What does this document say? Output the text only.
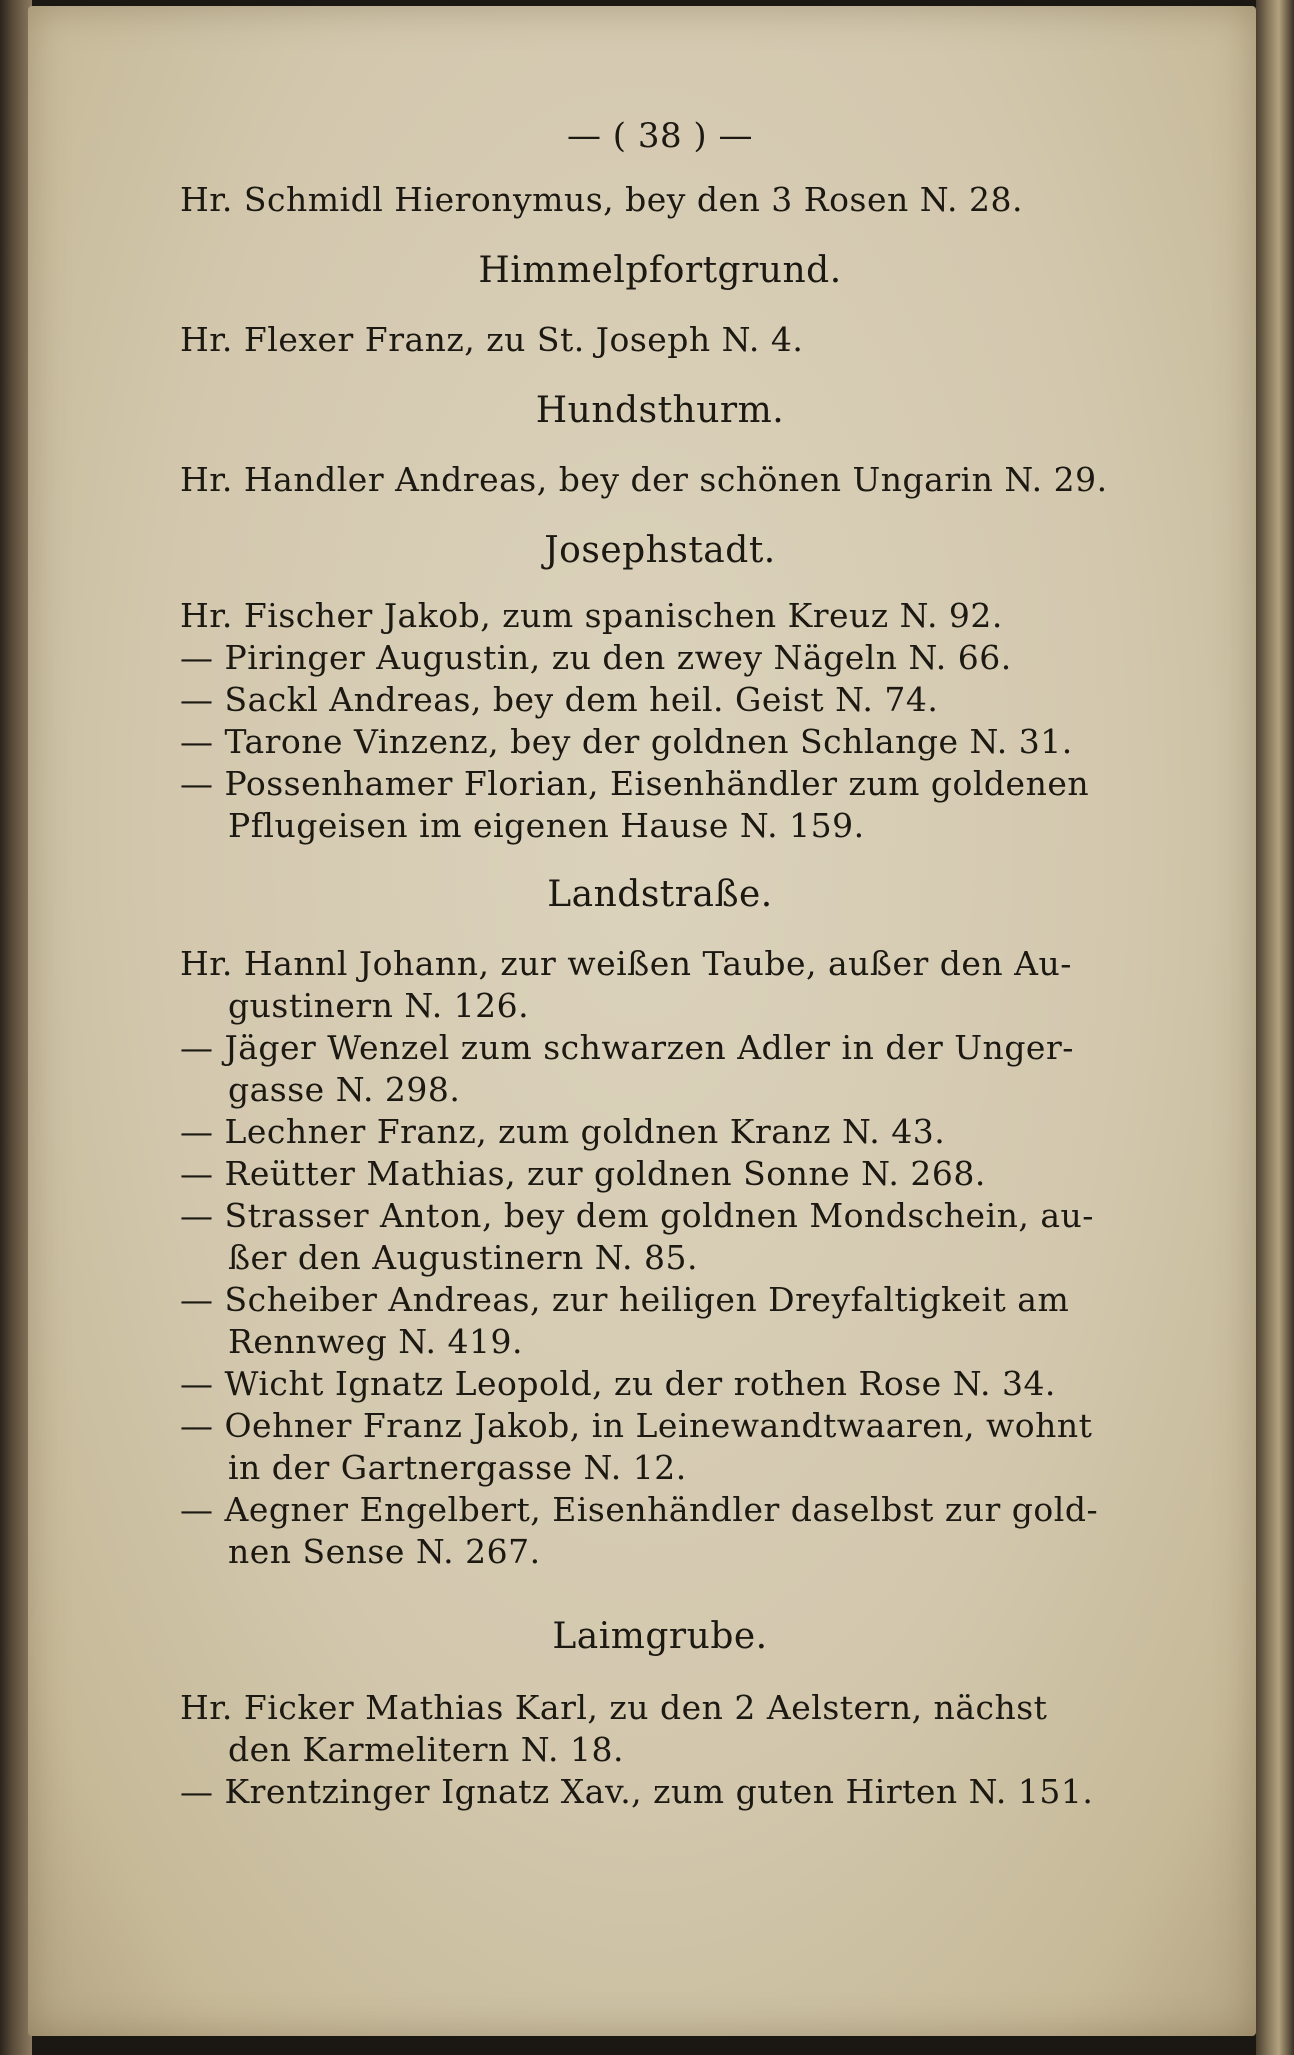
— ( 38 ) —
Hr. Schmidl Hieronymus, bey den 3 Rosen N. 28.
Himmelpfortgrund.
Hr. Flexer Franz, zu St. Joseph N. 4.
Hundsthurm.
Hr. Handler Andreas, bey der schönen Ungarin N. 29.
Josephstadt.
Hr. Fischer Jakob, zum spanischen Kreuz N. 92.
— Piringer Augustin, zu den zwey Nägeln N. 66.
— Sackl Andreas, bey dem heil. Geist N. 74.
— Tarone Vinzenz, bey der goldnen Schlange N. 31.
— Possenhamer Florian, Eisenhändler zum goldenen
Pflugeisen im eigenen Hause N. 159.
Landstraße.
Hr. Hannl Johann, zur weißen Taube, außer den Au-
gustinern N. 126.
— Jäger Wenzel zum schwarzen Adler in der Unger-
gasse N. 298.
— Lechner Franz, zum goldnen Kranz N. 43.
— Reütter Mathias, zur goldnen Sonne N. 268.
— Strasser Anton, bey dem goldnen Mondschein, au-
ßer den Augustinern N. 85.
— Scheiber Andreas, zur heiligen Dreyfaltigkeit am
Rennweg N. 419.
— Wicht Ignatz Leopold, zu der rothen Rose N. 34.
— Oehner Franz Jakob, in Leinewandtwaaren, wohnt
in der Gartnergasse N. 12.
— Aegner Engelbert, Eisenhändler daselbst zur gold-
nen Sense N. 267.
Laimgrube.
Hr. Ficker Mathias Karl, zu den 2 Aelstern, nächst
den Karmelitern N. 18.
— Krentzinger Ignatz Xav., zum guten Hirten N. 151.
